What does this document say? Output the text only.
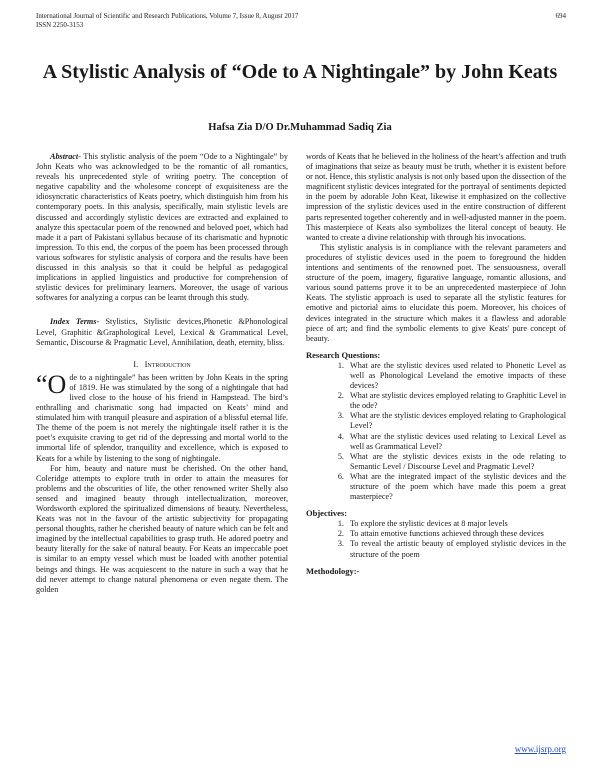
International Journal of Scientific and Research Publications, Volume 7, Issue 8, August 2017
ISSN 2250-3153
694
A Stylistic Analysis of “Ode to A Nightingale” by John Keats
Hafsa Zia D/O Dr.Muhammad Sadiq Zia

Abstract- This stylistic analysis of the poem “Ode to a Nightingale” by John Keats who was acknowledged to be the romantic of all romantics, reveals his unprecedented style of writing poetry. The conception of negative capability and the wholesome concept of exquisiteness are the idiosyncratic characteristics of Keats poetry, which distinguish him from his contemporary poets. In this analysis, specifically, main stylistic levels are discussed and accordingly stylistic devices are extracted and explained to analyze this spectacular poem of the renowned and beloved poet, which had made it a part of Pakistani syllabus because of its charismatic and hypnotic impression. To this end, the corpus of the poem has been processed through various softwares for stylistic analysis of corpora and the results have been discussed in this analysis so that it could be helpful as pedagogical implications in applied linguistics and productive for comprehension of stylistic devices for preliminary learners. Moreover, the usage of various softwares for analyzing a corpus can be learnt through this study.

Index Terms- Stylistics, Stylistic devices,Phonetic &Phonological Level, Graphitic &Graphological Level, Lexical & Grammatical Level, Semantic, Discourse & Pragmatic Level, Annihilation, death, eternity, bliss.

I. Introduction

“Ode to a nightingale” has been written by John Keats in the spring of 1819. He was stimulated by the song of a nightingale that had lived close to the house of his friend in Hampstead. The bird’s enthralling and charismatic song had impacted on Keats’ mind and stimulated him with tranquil pleasure and aspiration of a blissful eternal life. The theme of the poem is not merely the nightingale itself rather it is the poet’s exquisite craving to get rid of the depressing and mortal world to the immortal life of splendor, tranquility and excellence, which is exposed to Keats for a while by listening to the song of nightingale.

For him, beauty and nature must be cherished. On the other hand, Coleridge attempts to explore truth in order to attain the measures for problems and the obscurities of life, the other renowned writer Shelly also sensed and imagined beauty through intellectualization, moreover, Wordsworth explored the spiritualized dimensions of beauty. Nevertheless, Keats was not in the favour of the artistic subjectivity for propagating personal thoughts, rather he cherished beauty of nature which can be felt and imagined by the intellectual capabilities to grasp truth. He adored poetry and beauty literally for the sake of natural beauty. For Keats an impeccable poet is similar to an empty vessel which must be loaded with another potential beings and things. He was acquiescent to the nature in such a way that he did never attempt to change natural phenomena or even negate them. The golden

words of Keats that he believed in the holiness of the heart’s affection and truth of imaginations that seize as beauty must be truth, whether it is existent before or not. Hence, this stylistic analysis is not only based upon the dissection of the magnificent stylistic devices integrated for the portrayal of sentiments depicted in the poem by adorable John Keat, likewise it emphasized on the collective impression of the stylistic devices used in the entire construction of different parts represented together coherently and in well-adjusted manner in the poem. This masterpiece of Keats also symbolizes the literal concept of beauty. He wanted to create a divine relationship with through his invocations.

This stylistic analysis is in compliance with the relevant parameters and procedures of stylistic devices used in the poem to foreground the hidden intentions and sentiments of the renowned poet. The sensuousness, overall structure of the poem, imagery, figurative language, romantic allusions, and various sound patterns prove it to be an unprecedented masterpiece of John Keats. The stylistic approach is used to separate all the stylistic features for emotive and pictorial aims to elucidate this poem. Moreover, his choices of devices integrated in the structure which makes it a flawless and adorable piece of art; and find the symbolic elements to give Keats' pure concept of beauty.

Research Questions:

1. What are the stylistic devices used related to Phonetic Level as well as Phonological Leveland the emotive impacts of these devices?
2. What are stylistic devices employed relating to Graphitic Level in the ode?
3. What are the stylistic devices employed relating to Graphological Level?
4. What are the stylistic devices used relating to Lexical Level as well as Grammatical Level?
5. What are the stylistic devices exists in the ode relating to Semantic Level / Discourse Level and Pragmatic Level?
6. What are the integrated impact of the stylistic devices and the structure of the poem which have made this poem a great masterpiece?

Objectives:

1. To explore the stylistic devices at 8 major levels
2. To attain emotive functions achieved through these devices
3. To reveal the artistic beauty of employed stylistic devices in the structure of the poem

Methodology:-

www.ijsrp.org
